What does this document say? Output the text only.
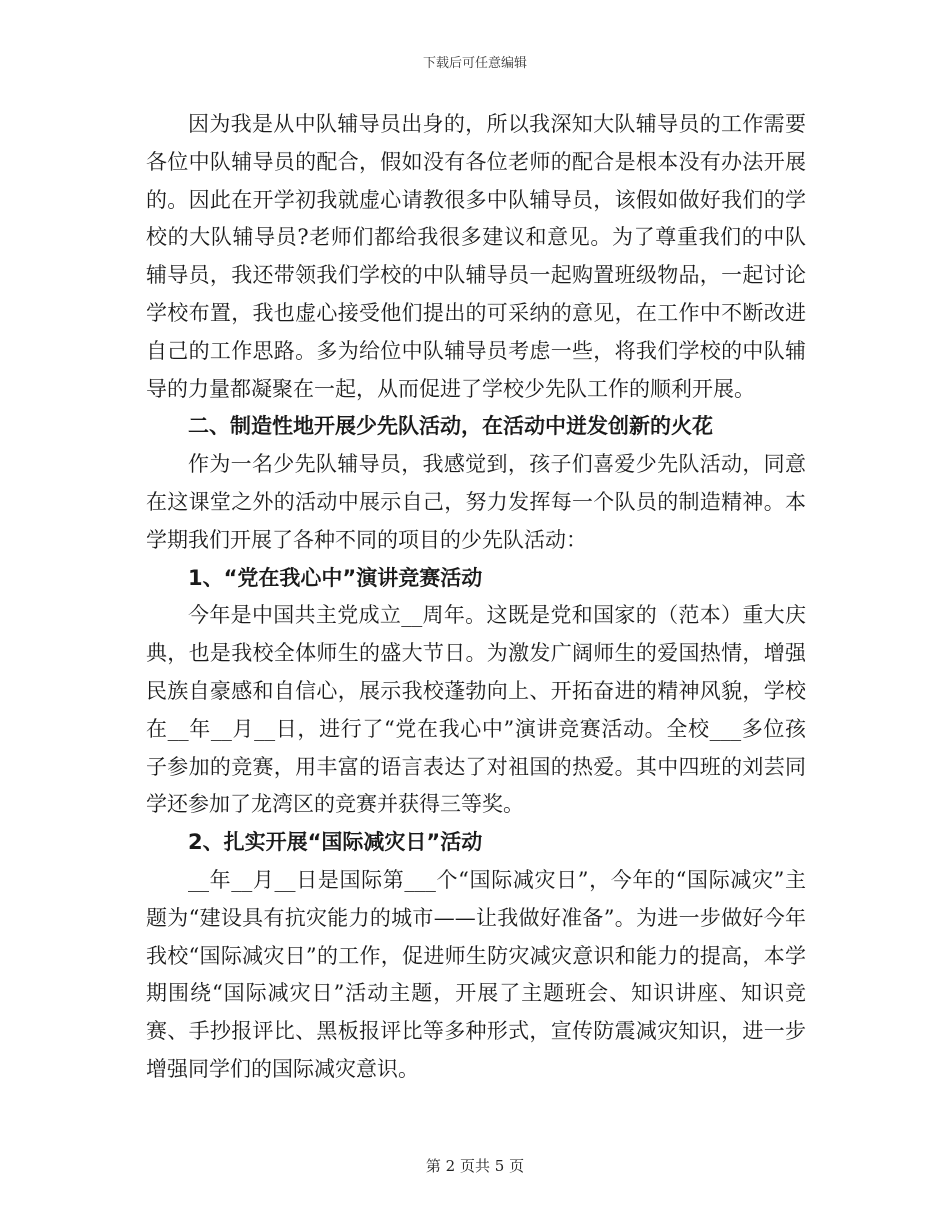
下载后可任意编辑

因为我是从中队辅导员出身的，所以我深知大队辅导员的工作需要各位中队辅导员的配合，假如没有各位老师的配合是根本没有办法开展的。因此在开学初我就虚心请教很多中队辅导员，该假如做好我们的学校的大队辅导员?老师们都给我很多建议和意见。为了尊重我们的中队辅导员，我还带领我们学校的中队辅导员一起购置班级物品，一起讨论学校布置，我也虚心接受他们提出的可采纳的意见，在工作中不断改进自己的工作思路。多为给位中队辅导员考虑一些，将我们学校的中队辅导的力量都凝聚在一起，从而促进了学校少先队工作的顺利开展。

二、制造性地开展少先队活动，在活动中迸发创新的火花

作为一名少先队辅导员，我感觉到，孩子们喜爱少先队活动，同意在这课堂之外的活动中展示自己，努力发挥每一个队员的制造精神。本学期我们开展了各种不同的项目的少先队活动：

1、“党在我心中”演讲竞赛活动

今年是中国共主党成立__周年。这既是党和国家的（范本）重大庆典，也是我校全体师生的盛大节日。为激发广阔师生的爱国热情，增强民族自豪感和自信心，展示我校蓬勃向上、开拓奋进的精神风貌，学校在__年__月__日，进行了“党在我心中”演讲竞赛活动。全校___多位孩子参加的竞赛，用丰富的语言表达了对祖国的热爱。其中四班的刘芸同学还参加了龙湾区的竞赛并获得三等奖。

2、扎实开展“国际减灾日”活动

__年__月__日是国际第___个“国际减灾日”，今年的“国际减灾”主题为“建设具有抗灾能力的城市——让我做好准备”。为进一步做好今年我校“国际减灾日”的工作，促进师生防灾减灾意识和能力的提高，本学期围绕“国际减灾日”活动主题，开展了主题班会、知识讲座、知识竞赛、手抄报评比、黑板报评比等多种形式，宣传防震减灾知识，进一步增强同学们的国际减灾意识。

第 2 页共 5 页
